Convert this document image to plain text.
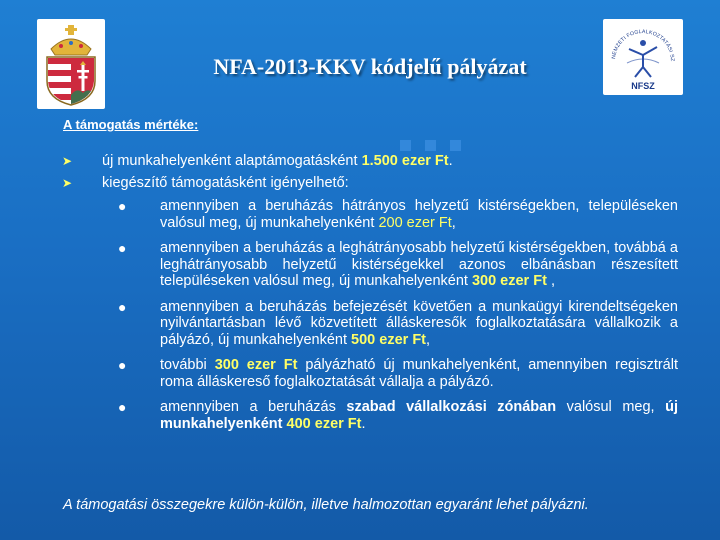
NFA-2013-KKV kódjelű pályázat	NEMZETI FOGLALKOZTATÁSI SZ
NFSZ
A támogatás mértéke:
➤ új munkahelyenként alaptámogatásként 1.500 ezer Ft.
➤ kiegészítő támogatásként igényelhető:
● amennyiben a beruházás hátrányos helyzetű kistérségekben, településeken valósul meg, új munkahelyenként 200 ezer Ft,
● amennyiben a beruházás a leghátrányosabb helyzetű kistérségekben, továbbá a leghátrányosabb helyzetű kistérségekkel azonos elbánásban részesített településeken valósul meg, új munkahelyenként 300 ezer Ft ,
● amennyiben a beruházás befejezését követően a munkaügyi kirendeltségeken nyilvántartásban lévő közvetített álláskeresők foglalkoztatására vállalkozik a pályázó, új munkahelyenként 500 ezer Ft,
● további 300 ezer Ft pályázható új munkahelyenként, amennyiben regisztrált roma álláskereső foglalkoztatását vállalja a pályázó.
● amennyiben a beruházás szabad vállalkozási zónában valósul meg, új munkahelyenként 400 ezer Ft.
A támogatási összegekre külön-külön, illetve halmozottan egyaránt lehet pályázni.
